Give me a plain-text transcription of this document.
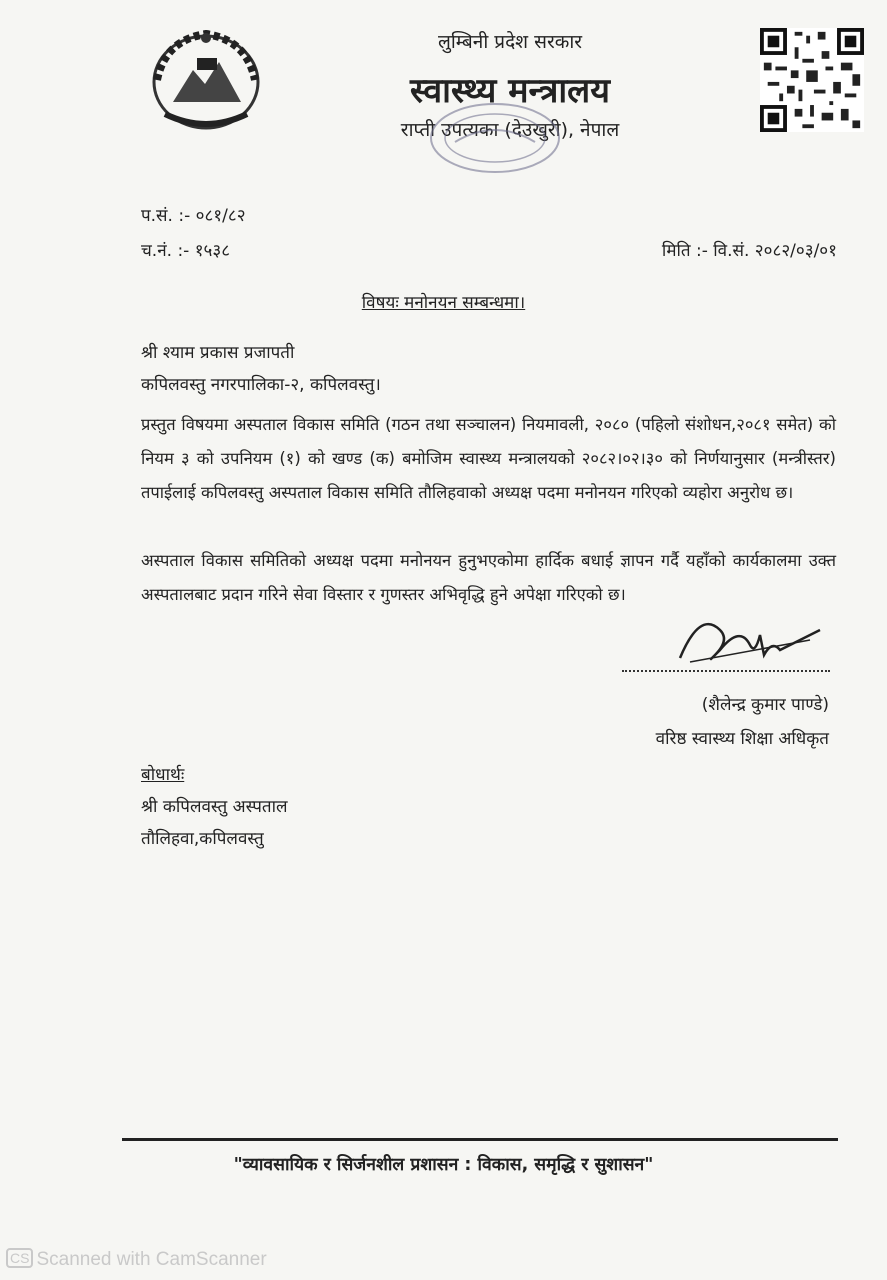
लुम्बिनी प्रदेश सरकार
स्वास्थ्य मन्त्रालय
राप्ती उपत्यका (देउखुरी), नेपाल
प.सं. :- ०८१/८२
च.नं. :- १५३८	मिति :- वि.सं. २०८२/०३/०१
विषयः मनोनयन सम्बन्धमा।
श्री श्याम प्रकास प्रजापती
कपिलवस्तु नगरपालिका-२, कपिलवस्तु।
प्रस्तुत विषयमा अस्पताल विकास समिति (गठन तथा सञ्चालन) नियमावली, २०८० (पहिलो संशोधन,२०८१ समेत) को नियम ३ को उपनियम (१) को खण्ड (क) बमोजिम स्वास्थ्य मन्त्रालयको २०८२।०२।३० को निर्णयानुसार (मन्त्रीस्तर) तपाईलाई कपिलवस्तु अस्पताल विकास समिति तौलिहवाको अध्यक्ष पदमा मनोनयन गरिएको व्यहोरा अनुरोध छ।
अस्पताल विकास समितिको अध्यक्ष पदमा मनोनयन हुनुभएकोमा हार्दिक बधाई ज्ञापन गर्दै यहाँको कार्यकालमा उक्त अस्पतालबाट प्रदान गरिने सेवा विस्तार र गुणस्तर अभिवृद्धि हुने अपेक्षा गरिएको छ।
(शैलेन्द्र कुमार पाण्डे)
वरिष्ठ स्वास्थ्य शिक्षा अधिकृत
बोधार्थः
श्री कपिलवस्तु अस्पताल
तौलिहवा,कपिलवस्तु
"व्यावसायिक र सिर्जनशील प्रशासन : विकास, समृद्धि र सुशासन"
CS Scanned with CamScanner
